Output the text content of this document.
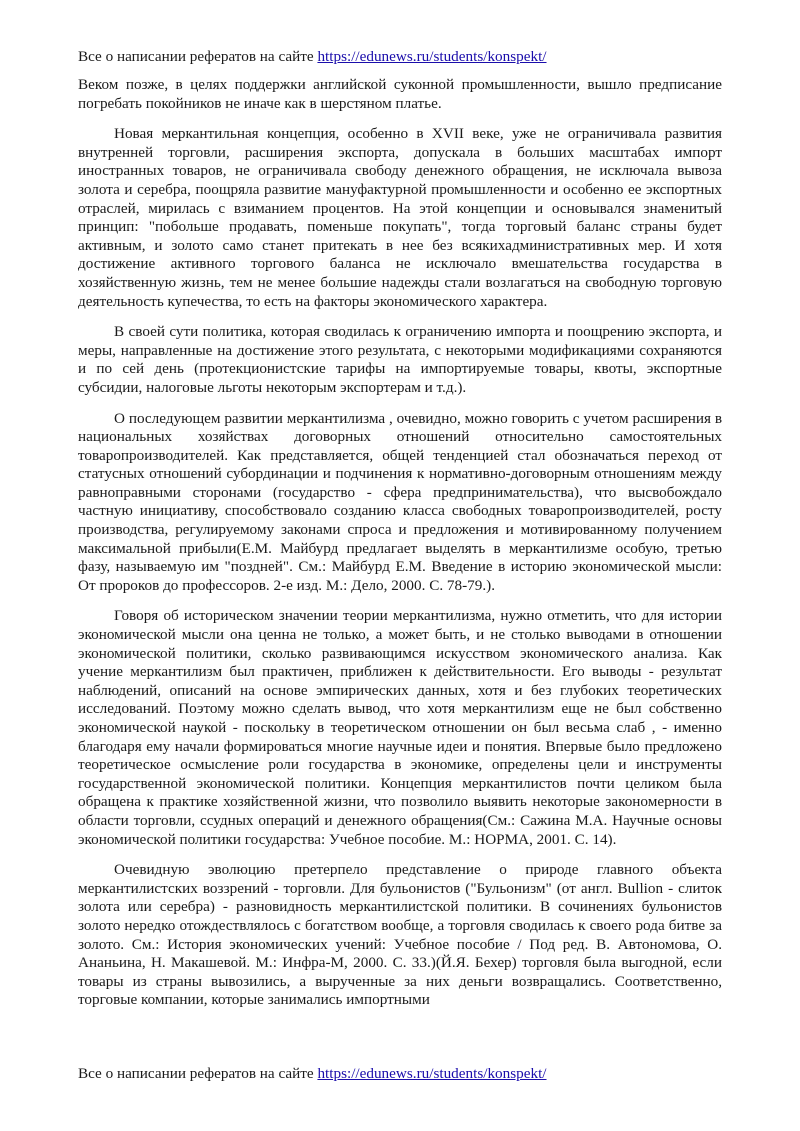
Все о написании рефератов на сайте https://edunews.ru/students/konspekt/

Веком позже, в целях поддержки английской суконной промышленности, вышло предписание погребать покойников не иначе как в шерстяном платье.

Новая меркантильная концепция, особенно в XVII веке, уже не ограничивала развития внутренней торговли, расширения экспорта, допускала в больших масштабах импорт иностранных товаров, не ограничивала свободу денежного обращения, не исключала вывоза золота и серебра, поощряла развитие мануфактурной промышленности и особенно ее экспортных отраслей, мирилась с взиманием процентов. На этой концепции и основывался знаменитый принцип: "побольше продавать, поменьше покупать", тогда торговый баланс страны будет активным, и золото само станет притекать в нее без всякихадминистративных мер. И хотя достижение активного торгового баланса не исключало вмешательства государства в хозяйственную жизнь, тем не менее большие надежды стали возлагаться на свободную торговую деятельность купечества, то есть на факторы экономического характера.

В своей сути политика, которая сводилась к ограничению импорта и поощрению экспорта, и меры, направленные на достижение этого результата, с некоторыми модификациями сохраняются и по сей день (протекционистские тарифы на импортируемые товары, квоты, экспортные субсидии, налоговые льготы некоторым экспортерам и т.д.).

О последующем развитии меркантилизма , очевидно, можно говорить с учетом расширения в национальных хозяйствах договорных отношений относительно самостоятельных товаропроизводителей. Как представляется, общей тенденцией стал обозначаться переход от статусных отношений субординации и подчинения к нормативно-договорным отношениям между равноправными сторонами (государство - сфера предпринимательства), что высвобождало частную инициативу, способствовало созданию класса свободных товаропроизводителей, росту производства, регулируемому законами спроса и предложения и мотивированному получением максимальной прибыли(Е.М. Майбурд предлагает выделять в меркантилизме особую, третью фазу, называемую им "поздней". См.: Майбурд Е.М. Введение в историю экономической мысли: От пророков до профессоров. 2-е изд. М.: Дело, 2000. С. 78-79.).

Говоря об историческом значении теории меркантилизма, нужно отметить, что для истории экономической мысли она ценна не только, а может быть, и не столько выводами в отношении экономической политики, сколько развивающимся искусством экономического анализа. Как учение меркантилизм был практичен, приближен к действительности. Его выводы - результат наблюдений, описаний на основе эмпирических данных, хотя и без глубоких теоретических исследований. Поэтому можно сделать вывод, что хотя меркантилизм еще не был собственно экономической наукой - поскольку в теоретическом отношении он был весьма слаб , - именно благодаря ему начали формироваться многие научные идеи и понятия. Впервые было предложено теоретическое осмысление роли государства в экономике, определены цели и инструменты государственной экономической политики. Концепция меркантилистов почти целиком была обращена к практике хозяйственной жизни, что позволило выявить некоторые закономерности в области торговли, ссудных операций и денежного обращения(См.: Сажина М.А. Научные основы экономической политики государства: Учебное пособие. М.: НОРМА, 2001. С. 14).

Очевидную эволюцию претерпело представление о природе главного объекта меркантилистских воззрений - торговли. Для бульонистов ("Бульонизм" (от англ. Bullion - слиток золота или серебра) - разновидность меркантилистской политики. В сочинениях бульонистов золото нередко отождествлялось с богатством вообще, а торговля сводилась к своего рода битве за золото. См.: История экономических учений: Учебное пособие / Под ред. В. Автономова, О. Ананьина, Н. Макашевой. М.: Инфра-М, 2000. С. 33.)(Й.Я. Бехер) торговля была выгодной, если товары из страны вывозились, а вырученные за них деньги возвращались. Соответственно, торговые компании, которые занимались импортными

Все о написании рефератов на сайте https://edunews.ru/students/konspekt/
